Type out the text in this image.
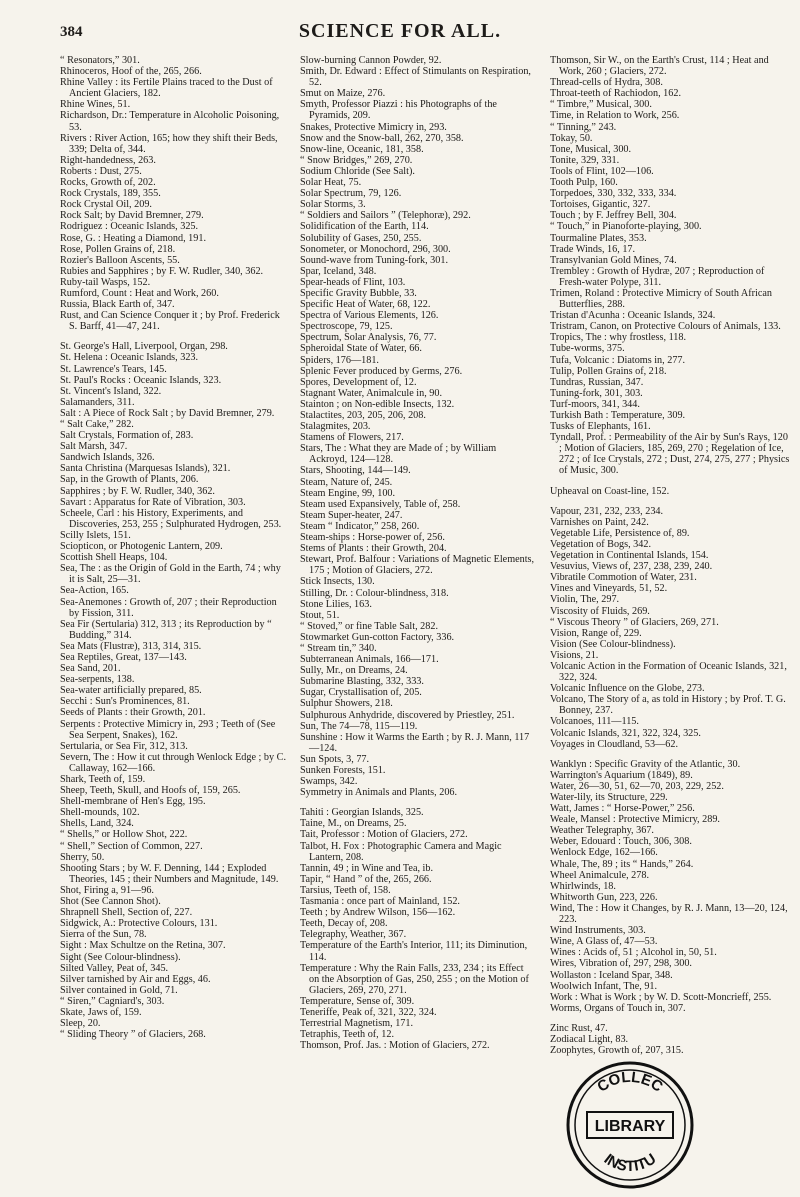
384	SCIENCE FOR ALL.

“ Resonators,” 301.

Rhinoceros, Hoof of the, 265, 266.

Rhine Valley : its Fertile Plains traced to the Dust of Ancient Glaciers, 182.

Rhine Wines, 51.

Richardson, Dr.: Temperature in Alcoholic Poisoning, 53.

Rivers : River Action, 165; how they shift their Beds, 339; Delta of, 344.

Right-handedness, 263.

Roberts : Dust, 275.

Rocks, Growth of, 202.

Rock Crystals, 189, 355.

Rock Crystal Oil, 209.

Rock Salt; by David Bremner, 279.

Rodriguez : Oceanic Islands, 325.

Rose, G. : Heating a Diamond, 191.

Rose, Pollen Grains of, 218.

Rozier's Balloon Ascents, 55.

Rubies and Sapphires ; by F. W. Rudler, 340, 362.

Ruby-tail Wasps, 152.

Rumford, Count : Heat and Work, 260.

Russia, Black Earth of, 347.

Rust, and Can Science Conquer it ; by Prof. Frederick S. Barff, 41—47, 241.

St. George's Hall, Liverpool, Organ, 298.

St. Helena : Oceanic Islands, 323.

St. Lawrence's Tears, 145.

St. Paul's Rocks : Oceanic Islands, 323.

St. Vincent's Island, 322.

Salamanders, 311.

Salt : A Piece of Rock Salt ; by David Bremner, 279.

“ Salt Cake,” 282.

Salt Crystals, Formation of, 283.

Salt Marsh, 347.

Sandwich Islands, 326.

Santa Christina (Marquesas Islands), 321.

Sap, in the Growth of Plants, 206.

Sapphires ; by F. W. Rudler, 340, 362.

Savart : Apparatus for Rate of Vibration, 303.

Scheele, Carl : his History, Experiments, and Discoveries, 253, 255 ; Sulphurated Hydrogen, 253.

Scilly Islets, 151.

Sciopticon, or Photogenic Lantern, 209.

Scottish Shell Heaps, 104.

Sea, The : as the Origin of Gold in the Earth, 74 ; why it is Salt, 25—31.

Sea-Action, 165.

Sea-Anemones : Growth of, 207 ; their Reproduction by Fission, 311.

Sea Fir (Sertularia) 312, 313 ; its Reproduction by “ Budding,” 314.

Sea Mats (Flustræ), 313, 314, 315.

Sea Reptiles, Great, 137—143.

Sea Sand, 201.

Sea-serpents, 138.

Sea-water artificially prepared, 85.

Secchi : Sun's Prominences, 81.

Seeds of Plants : their Growth, 201.

Serpents : Protective Mimicry in, 293 ; Teeth of (See Sea Serpent, Snakes), 162.

Sertularia, or Sea Fir, 312, 313.

Severn, The : How it cut through Wenlock Edge ; by C. Callaway, 162—166.

Shark, Teeth of, 159.

Sheep, Teeth, Skull, and Hoofs of, 159, 265.

Shell-membrane of Hen's Egg, 195.

Shell-mounds, 102.

Shells, Land, 324.

“ Shells,” or Hollow Shot, 222.

“ Shell,” Section of Common, 227.

Sherry, 50.

Shooting Stars ; by W. F. Denning, 144 ; Exploded Theories, 145 ; their Numbers and Magnitude, 149.

Shot, Firing a, 91—96.

Shot (See Cannon Shot).

Shrapnell Shell, Section of, 227.

Sidgwick, A.: Protective Colours, 131.

Sierra of the Sun, 78.

Sight : Max Schultze on the Retina, 307.

Sight (See Colour-blindness).

Silted Valley, Peat of, 345.

Silver tarnished by Air and Eggs, 46.

Silver contained in Gold, 71.

“ Siren,” Cagniard's, 303.

Skate, Jaws of, 159.

Sleep, 20.

“ Sliding Theory ” of Glaciers, 268.

Slow-burning Cannon Powder, 92.

Smith, Dr. Edward : Effect of Stimulants on Respiration, 52.

Smut on Maize, 276.

Smyth, Professor Piazzi : his Photographs of the Pyramids, 209.

Snakes, Protective Mimicry in, 293.

Snow and the Snow-ball, 262, 270, 358.

Snow-line, Oceanic, 181, 358.

“ Snow Bridges,” 269, 270.

Sodium Chloride (See Salt).

Solar Heat, 75.

Solar Spectrum, 79, 126.

Solar Storms, 3.

“ Soldiers and Sailors ” (Telephoræ), 292.

Solidification of the Earth, 114.

Solubility of Gases, 250, 255.

Sonometer, or Monochord, 296, 300.

Sound-wave from Tuning-fork, 301.

Spar, Iceland, 348.

Spear-heads of Flint, 103.

Specific Gravity Bubble, 33.

Specific Heat of Water, 68, 122.

Spectra of Various Elements, 126.

Spectroscope, 79, 125.

Spectrum, Solar Analysis, 76, 77.

Spheroidal State of Water, 66.

Spiders, 176—181.

Splenic Fever produced by Germs, 276.

Spores, Development of, 12.

Stagnant Water, Animalcule in, 90.

Stainton ; on Non-edible Insects, 132.

Stalactites, 203, 205, 206, 208.

Stalagmites, 203.

Stamens of Flowers, 217.

Stars, The : What they are Made of ; by William Ackroyd, 124—128.

Stars, Shooting, 144—149.

Steam, Nature of, 245.

Steam Engine, 99, 100.

Steam used Expansively, Table of, 258.

Steam Super-heater, 247.

Steam “ Indicator,” 258, 260.

Steam-ships : Horse-power of, 256.

Stems of Plants : their Growth, 204.

Stewart, Prof. Balfour : Variations of Magnetic Elements, 175 ; Motion of Glaciers, 272.

Stick Insects, 130.

Stilling, Dr. : Colour-blindness, 318.

Stone Lilies, 163.

Stout, 51.

“ Stoved,” or fine Table Salt, 282.

Stowmarket Gun-cotton Factory, 336.

“ Stream tin,” 340.

Subterranean Animals, 166—171.

Sully, Mr., on Dreams, 24.

Submarine Blasting, 332, 333.

Sugar, Crystallisation of, 205.

Sulphur Showers, 218.

Sulphurous Anhydride, discovered by Priestley, 251.

Sun, The 74—78, 115—119.

Sunshine : How it Warms the Earth ; by R. J. Mann, 117—124.

Sun Spots, 3, 77.

Sunken Forests, 151.

Swamps, 342.

Symmetry in Animals and Plants, 206.

Tahiti : Georgian Islands, 325.

Taine, M., on Dreams, 25.

Tait, Professor : Motion of Glaciers, 272.

Talbot, H. Fox : Photographic Camera and Magic Lantern, 208.

Tannin, 49 ; in Wine and Tea, ib.

Tapir, “ Hand ” of the, 265, 266.

Tarsius, Teeth of, 158.

Tasmania : once part of Mainland, 152.

Teeth ; by Andrew Wilson, 156—162.

Teeth, Decay of, 208.

Telegraphy, Weather, 367.

Temperature of the Earth's Interior, 111; its Diminution, 114.

Temperature : Why the Rain Falls, 233, 234 ; its Effect on the Absorption of Gas, 250, 255 ; on the Motion of Glaciers, 269, 270, 271.

Temperature, Sense of, 309.

Teneriffe, Peak of, 321, 322, 324.

Terrestrial Magnetism, 171.

Tetraphis, Teeth of, 12.

Thomson, Prof. Jas. : Motion of Glaciers, 272.

Thomson, Sir W., on the Earth's Crust, 114 ; Heat and Work, 260 ; Glaciers, 272.

Thread-cells of Hydra, 308.

Throat-teeth of Rachiodon, 162.

“ Timbre,” Musical, 300.

Time, in Relation to Work, 256.

“ Tinning,” 243.

Tokay, 50.

Tone, Musical, 300.

Tonite, 329, 331.

Tools of Flint, 102—106.

Tooth Pulp, 160.

Torpedoes, 330, 332, 333, 334.

Tortoises, Gigantic, 327.

Touch ; by F. Jeffrey Bell, 304.

“ Touch,” in Pianoforte-playing, 300.

Tourmaline Plates, 353.

Trade Winds, 16, 17.

Transylvanian Gold Mines, 74.

Trembley : Growth of Hydræ, 207 ; Reproduction of Fresh-water Polype, 311.

Trimen, Roland : Protective Mimicry of South African Butterflies, 288.

Tristan d'Acunha : Oceanic Islands, 324.

Tristram, Canon, on Protective Colours of Animals, 133.

Tropics, The : why frostless, 118.

Tube-worms, 375.

Tufa, Volcanic : Diatoms in, 277.

Tulip, Pollen Grains of, 218.

Tundras, Russian, 347.

Tuning-fork, 301, 303.

Turf-moors, 341, 344.

Turkish Bath : Temperature, 309.

Tusks of Elephants, 161.

Tyndall, Prof. : Permeability of the Air by Sun's Rays, 120 ; Motion of Glaciers, 185, 269, 270 ; Regelation of Ice, 272 ; of Ice Crystals, 272 ; Dust, 274, 275, 277 ; Physics of Music, 300.

Upheaval on Coast-line, 152.

Vapour, 231, 232, 233, 234.

Varnishes on Paint, 242.

Vegetable Life, Persistence of, 89.

Vegetation of Bogs, 342.

Vegetation in Continental Islands, 154.

Vesuvius, Views of, 237, 238, 239, 240.

Vibratile Commotion of Water, 231.

Vines and Vineyards, 51, 52.

Violin, The, 297.

Viscosity of Fluids, 269.

“ Viscous Theory ” of Glaciers, 269, 271.

Vision, Range of, 229.

Vision (See Colour-blindness).

Visions, 21.

Volcanic Action in the Formation of Oceanic Islands, 321, 322, 324.

Volcanic Influence on the Globe, 273.

Volcano, The Story of a, as told in History ; by Prof. T. G. Bonney, 237.

Volcanoes, 111—115.

Volcanic Islands, 321, 322, 324, 325.

Voyages in Cloudland, 53—62.

Wanklyn : Specific Gravity of the Atlantic, 30.

Warrington's Aquarium (1849), 89.

Water, 26—30, 51, 62—70, 203, 229, 252.

Water-lily, its Structure, 229.

Watt, James : “ Horse-Power,” 256.

Weale, Mansel : Protective Mimicry, 289.

Weather Telegraphy, 367.

Weber, Edouard : Touch, 306, 308.

Wenlock Edge, 162—166.

Whale, The, 89 ; its “ Hands,” 264.

Wheel Animalcule, 278.

Whirlwinds, 18.

Whitworth Gun, 223, 226.

Wind, The : How it Changes, by R. J. Mann, 13—20, 124, 223.

Wind Instruments, 303.

Wine, A Glass of, 47—53.

Wines : Acids of, 51 ; Alcohol in, 50, 51.

Wires, Vibration of, 297, 298, 300.

Wollaston : Iceland Spar, 348.

Woolwich Infant, The, 91.

Work : What is Work ; by W. D. Scott-Moncrieff, 255.

Worms, Organs of Touch in, 307.

Zinc Rust, 47.

Zodiacal Light, 83.

Zoophytes, Growth of, 207, 315.

LIBRARY
COLLEC
INSTITU
